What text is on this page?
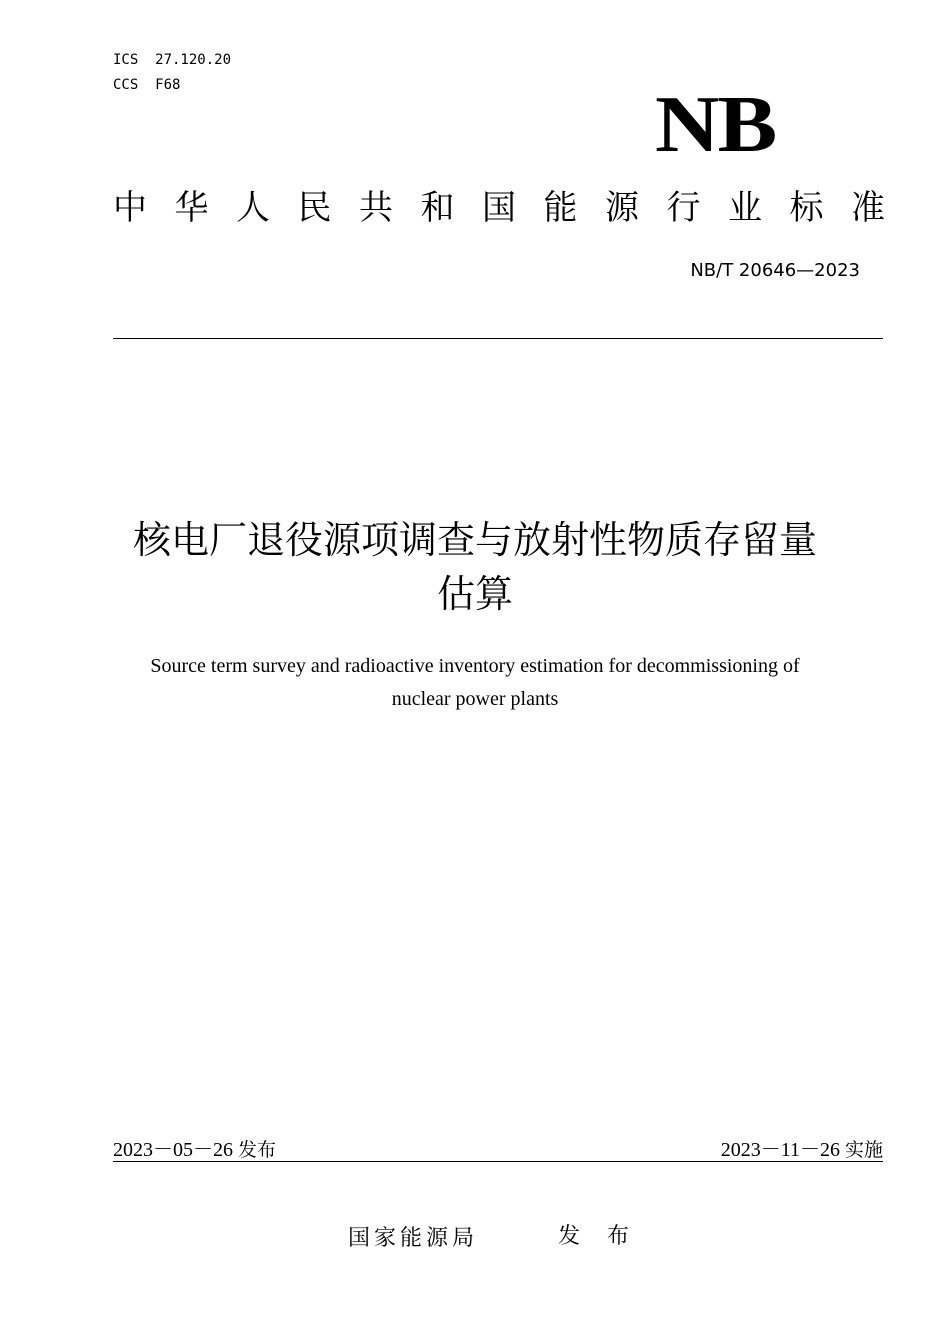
ICS  27.120.20
CCS  F68	NB
中 华 人 民 共 和 国 能 源 行 业 标 准
NB/T 20646—2023
核电厂退役源项调查与放射性物质存留量
估算
Source term survey and radioactive inventory estimation for decommissioning of
nuclear power plants
2023－05－26 发布	2023－11－26 实施
国家能源局	发 布
